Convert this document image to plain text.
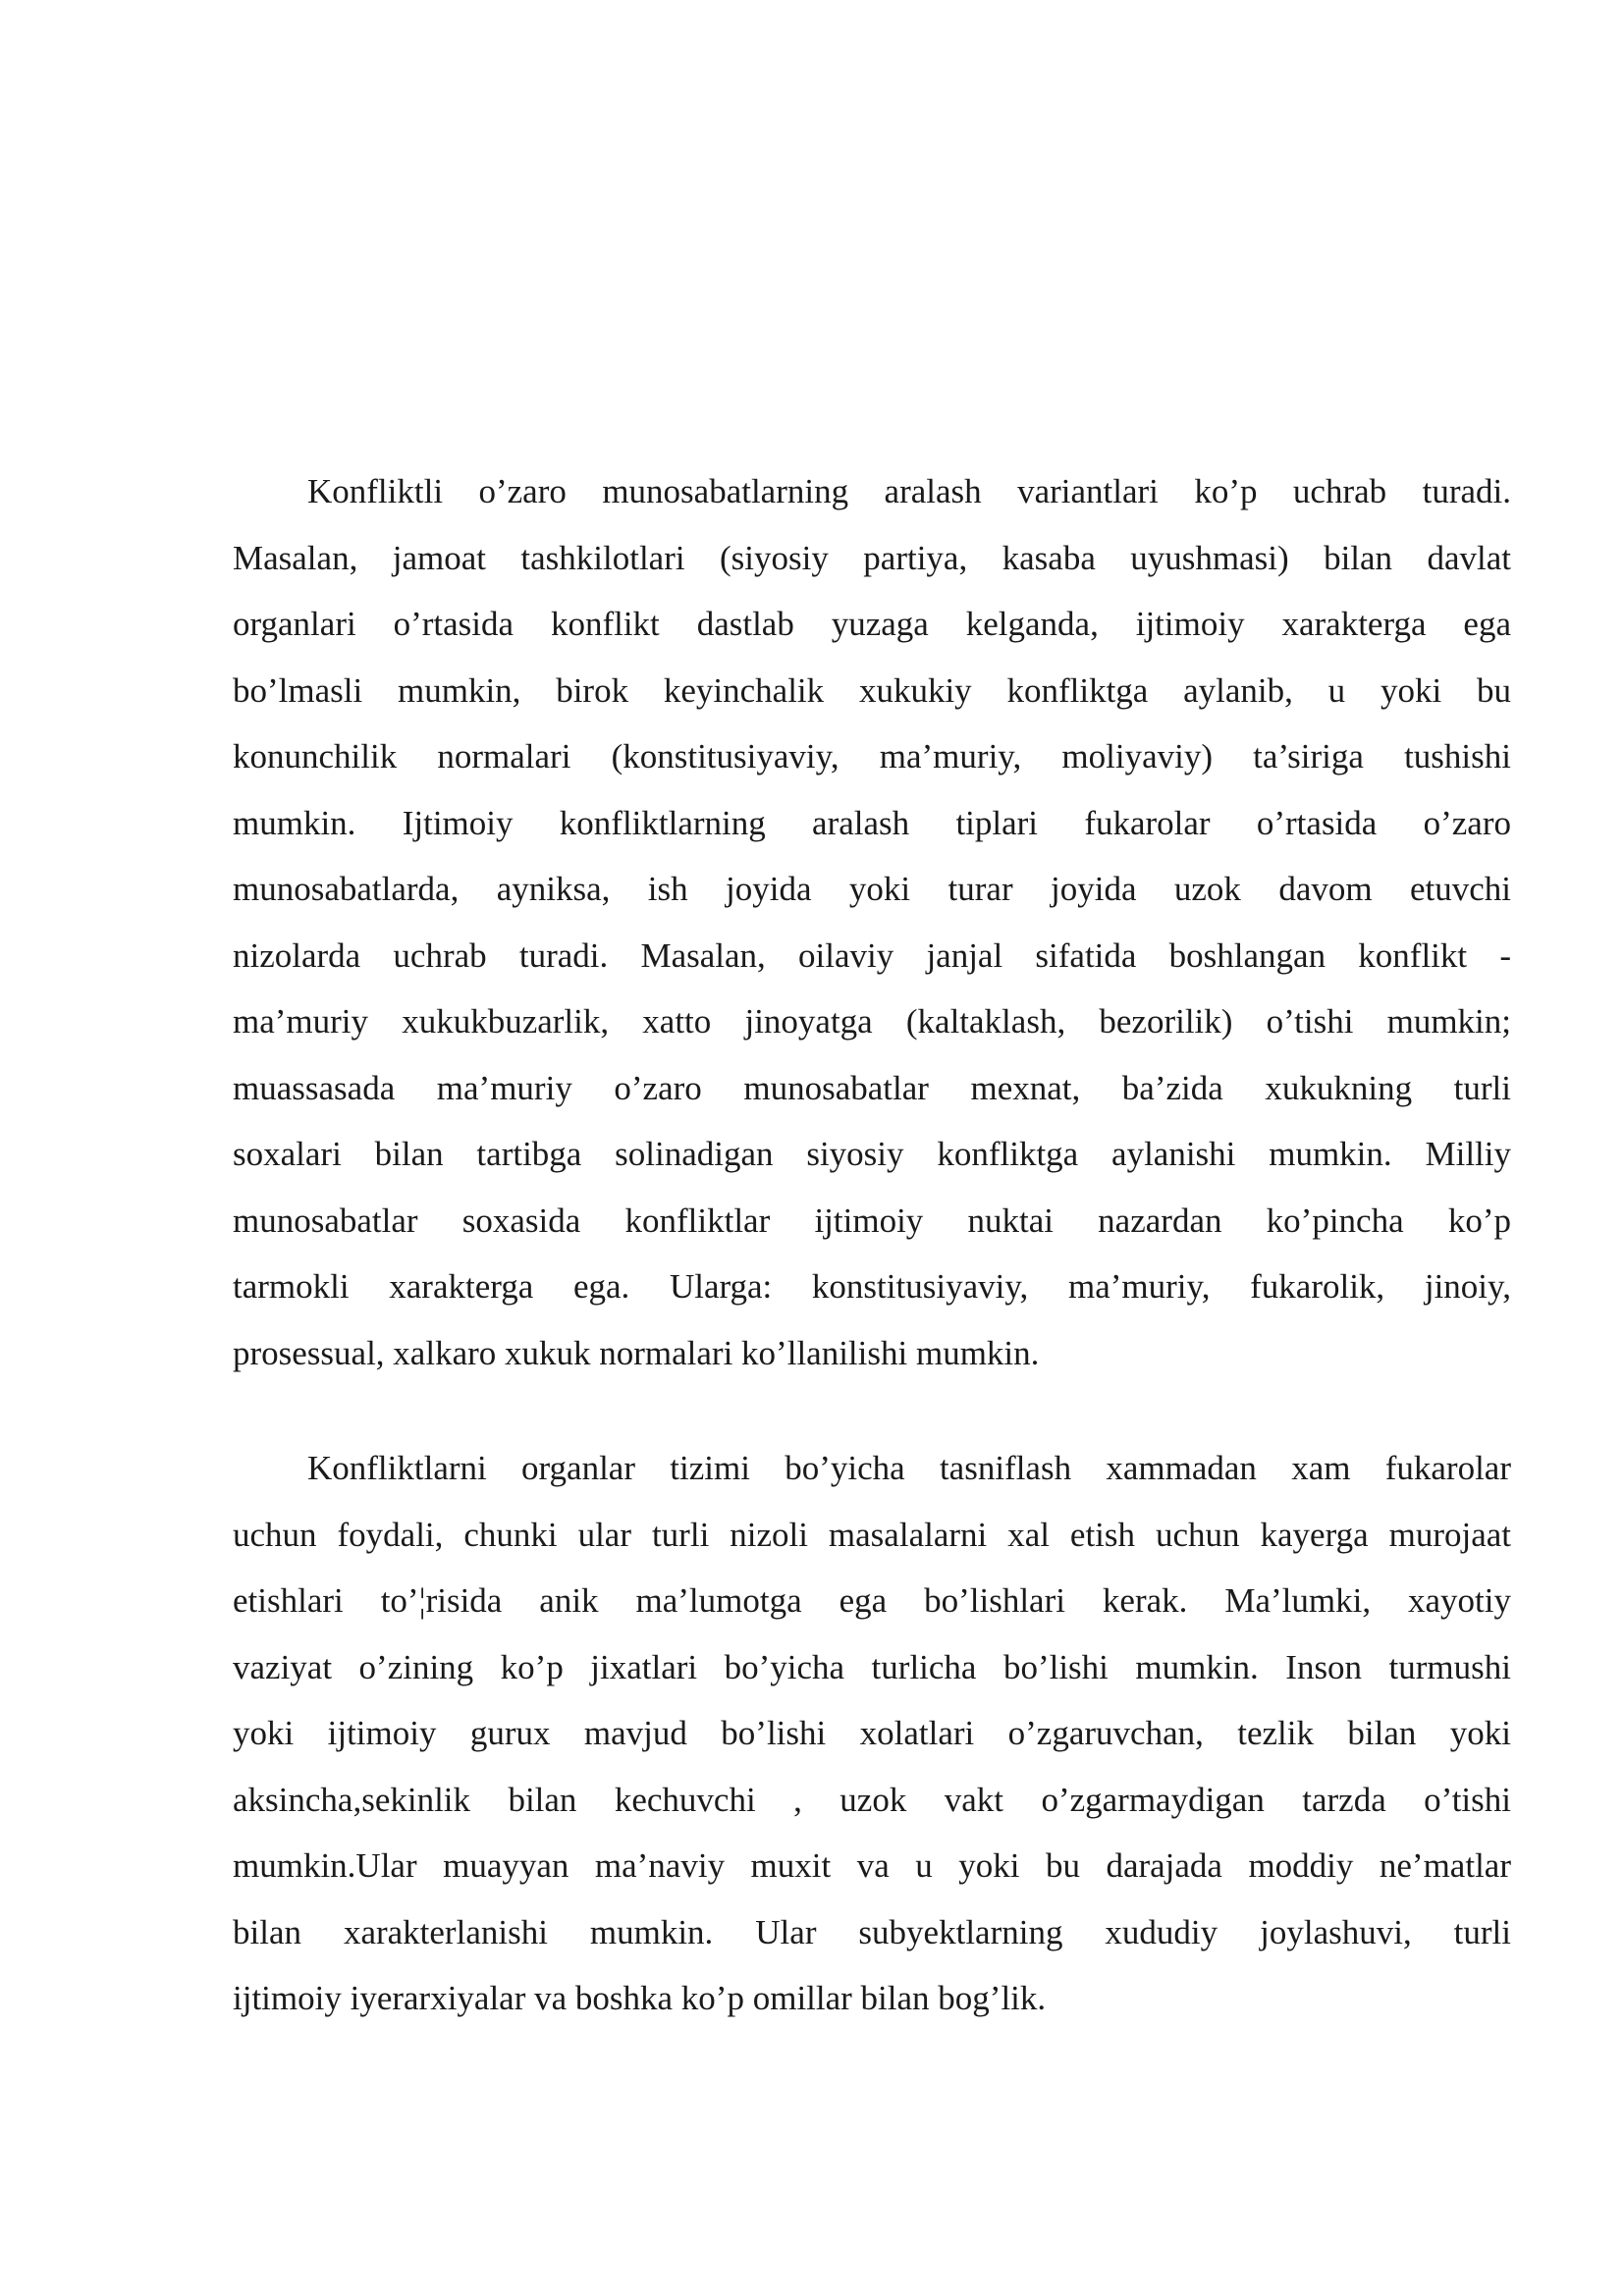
Konfliktli o’zaro munosabatlarning aralash variantlari ko’p uchrab turadi.
Masalan, jamoat tashkilotlari (siyosiy partiya, kasaba uyushmasi) bilan davlat
organlari o’rtasida konflikt dastlab yuzaga kelganda, ijtimoiy xarakterga ega
bo’lmasli mumkin, birok keyinchalik xukukiy konfliktga aylanib, u yoki bu
konunchilik normalari (konstitusiyaviy, ma’muriy, moliyaviy) ta’siriga tushishi
mumkin. Ijtimoiy konfliktlarning aralash tiplari fukarolar o’rtasida o’zaro
munosabatlarda, ayniksa, ish joyida yoki turar joyida uzok davom etuvchi
nizolarda uchrab turadi. Masalan, oilaviy janjal sifatida boshlangan konflikt -
ma’muriy xukukbuzarlik, xatto jinoyatga (kaltaklash, bezorilik) o’tishi mumkin;
muassasada ma’muriy o’zaro munosabatlar mexnat, ba’zida xukukning turli
soxalari bilan tartibga solinadigan siyosiy konfliktga aylanishi mumkin. Milliy
munosabatlar soxasida konfliktlar ijtimoiy nuktai nazardan ko’pincha ko’p
tarmokli xarakterga ega. Ularga: konstitusiyaviy, ma’muriy, fukarolik, jinoiy,
prosessual, xalkaro xukuk normalari ko’llanilishi mumkin.
Konfliktlarni organlar tizimi bo’yicha tasniflash xammadan xam fukarolar
uchun foydali, chunki ular turli nizoli masalalarni xal etish uchun kayerga murojaat
etishlari to’¦risida anik ma’lumotga ega bo’lishlari kerak. Ma’lumki, xayotiy
vaziyat o’zining ko’p jixatlari bo’yicha turlicha bo’lishi mumkin. Inson turmushi
yoki ijtimoiy gurux mavjud bo’lishi xolatlari o’zgaruvchan, tezlik bilan yoki
aksincha,sekinlik bilan kechuvchi , uzok vakt o’zgarmaydigan tarzda o’tishi
mumkin.Ular muayyan ma’naviy muxit va u yoki bu darajada moddiy ne’matlar
bilan xarakterlanishi mumkin. Ular subyektlarning xududiy joylashuvi, turli
ijtimoiy iyerarxiyalar va boshka ko’p omillar bilan bog’lik.
